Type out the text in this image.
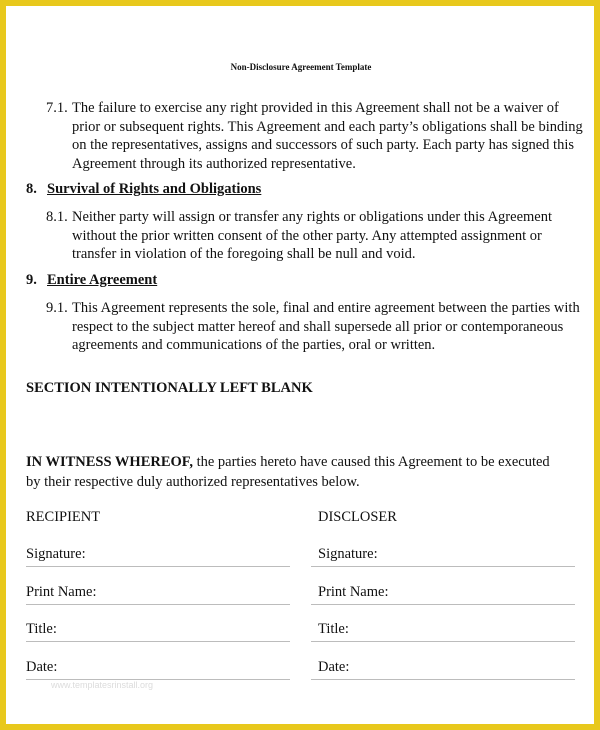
Non-Disclosure Agreement Template
7.1. The failure to exercise any right provided in this Agreement shall not be a waiver of prior or subsequent rights. This Agreement and each party’s obligations shall be binding on the representatives, assigns and successors of such party. Each party has signed this Agreement through its authorized representative.
8. Survival of Rights and Obligations
8.1. Neither party will assign or transfer any rights or obligations under this Agreement without the prior written consent of the other party. Any attempted assignment or transfer in violation of the foregoing shall be null and void.
9. Entire Agreement
9.1. This Agreement represents the sole, final and entire agreement between the parties with respect to the subject matter hereof and shall supersede all prior or contemporaneous agreements and communications of the parties, oral or written.
SECTION INTENTIONALLY LEFT BLANK
IN WITNESS WHEREOF, the parties hereto have caused this Agreement to be executed by their respective duly authorized representatives below.
RECIPIENT	DISCLOSER
Signature:
Print Name:
Title:
Date:
Signature:
Print Name:
Title:
Date:
www.templatesrinstall.org
